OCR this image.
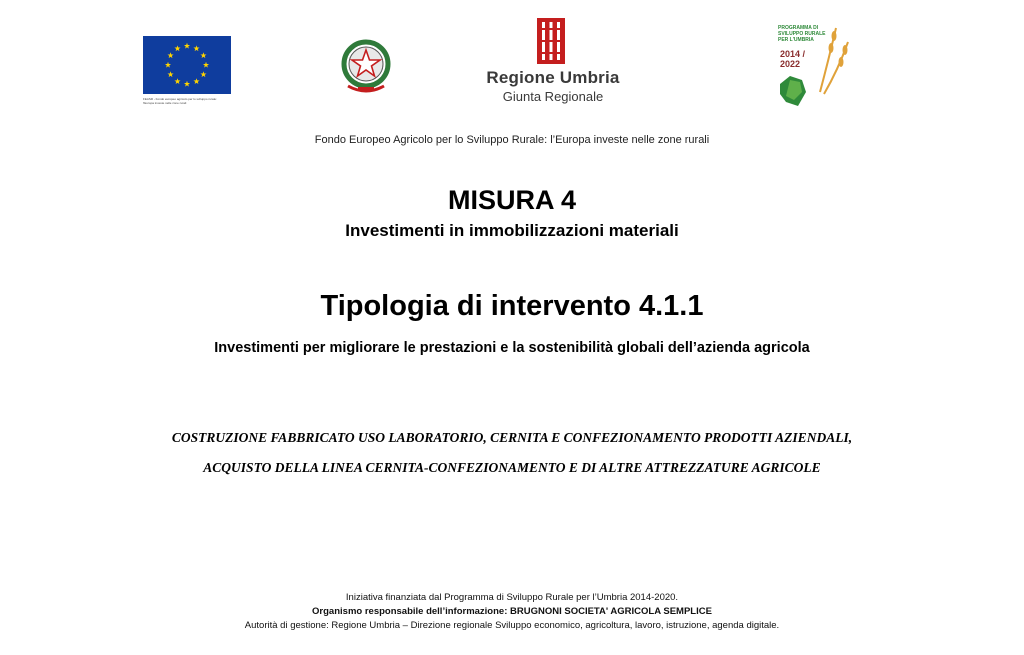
FEASR - Fondo europeo agricolo per lo sviluppo rurale:
l'Europa investe nelle zone rurali
Regione Umbria
Giunta Regionale
PROGRAMMA DI
SVILUPPO RURALE
PER L'UMBRIA
2014 /
2022
Fondo Europeo Agricolo per lo Sviluppo Rurale: l’Europa investe nelle zone rurali
MISURA 4
Investimenti in immobilizzazioni materiali
Tipologia di intervento 4.1.1
Investimenti per migliorare le prestazioni e la sostenibilità globali dell’azienda agricola
COSTRUZIONE FABBRICATO USO LABORATORIO, CERNITA E CONFEZIONAMENTO PRODOTTI AZIENDALI,
ACQUISTO DELLA LINEA CERNITA-CONFEZIONAMENTO E DI ALTRE ATTREZZATURE AGRICOLE
Iniziativa finanziata dal Programma di Sviluppo Rurale per l’Umbria 2014-2020.
Organismo responsabile dell’informazione: BRUGNONI SOCIETA' AGRICOLA SEMPLICE
Autorità di gestione: Regione Umbria – Direzione regionale Sviluppo economico, agricoltura, lavoro, istruzione, agenda digitale.
